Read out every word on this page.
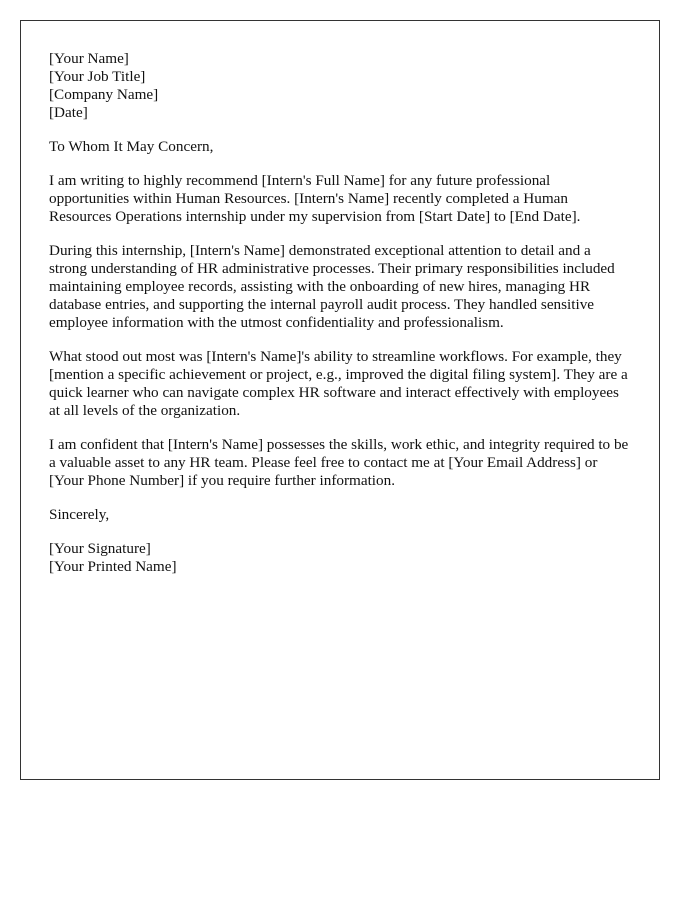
[Your Name]
[Your Job Title]
[Company Name]
[Date]

To Whom It May Concern,

I am writing to highly recommend [Intern's Full Name] for any future professional opportunities within Human Resources. [Intern's Name] recently completed a Human Resources Operations internship under my supervision from [Start Date] to [End Date].

During this internship, [Intern's Name] demonstrated exceptional attention to detail and a strong understanding of HR administrative processes. Their primary responsibilities included maintaining employee records, assisting with the onboarding of new hires, managing HR database entries, and supporting the internal payroll audit process. They handled sensitive employee information with the utmost confidentiality and professionalism.

What stood out most was [Intern's Name]'s ability to streamline workflows. For example, they [mention a specific achievement or project, e.g., improved the digital filing system]. They are a quick learner who can navigate complex HR software and interact effectively with employees at all levels of the organization.

I am confident that [Intern's Name] possesses the skills, work ethic, and integrity required to be a valuable asset to any HR team. Please feel free to contact me at [Your Email Address] or [Your Phone Number] if you require further information.

Sincerely,

[Your Signature]
[Your Printed Name]
